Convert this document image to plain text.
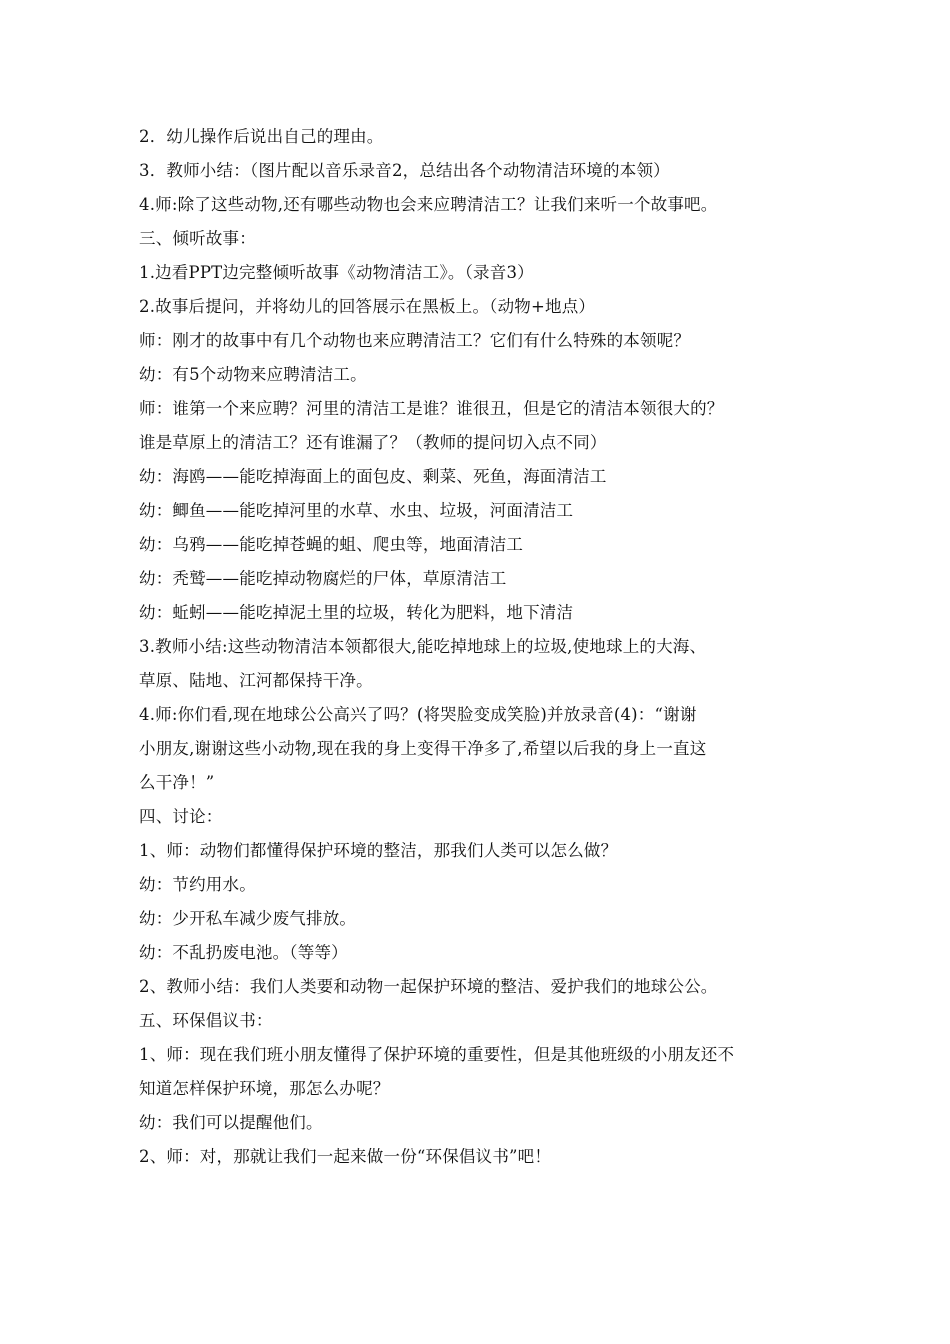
2．幼儿操作后说出自己的理由。
3．教师小结：（图片配以音乐录音2，总结出各个动物清洁环境的本领）
4.师:除了这些动物,还有哪些动物也会来应聘清洁工？让我们来听一个故事吧。
三、倾听故事：
1.边看PPT边完整倾听故事《动物清洁工》。（录音3）
2.故事后提问，并将幼儿的回答展示在黑板上。（动物+地点）
师：刚才的故事中有几个动物也来应聘清洁工？它们有什么特殊的本领呢？
幼：有5个动物来应聘清洁工。
师：谁第一个来应聘？河里的清洁工是谁？谁很丑，但是它的清洁本领很大的？
谁是草原上的清洁工？还有谁漏了？（教师的提问切入点不同）
幼：海鸥——能吃掉海面上的面包皮、剩菜、死鱼，海面清洁工
幼：鲫鱼——能吃掉河里的水草、水虫、垃圾，河面清洁工
幼：乌鸦——能吃掉苍蝇的蛆、爬虫等，地面清洁工
幼：秃鹫——能吃掉动物腐烂的尸体，草原清洁工
幼：蚯蚓——能吃掉泥土里的垃圾，转化为肥料，地下清洁
3.教师小结:这些动物清洁本领都很大,能吃掉地球上的垃圾,使地球上的大海、
草原、陆地、江河都保持干净。
4.师:你们看,现在地球公公高兴了吗？(将哭脸变成笑脸)并放录音(4)：“谢谢
小朋友,谢谢这些小动物,现在我的身上变得干净多了,希望以后我的身上一直这
么干净！”
四、讨论：
1、师：动物们都懂得保护环境的整洁，那我们人类可以怎么做？
幼：节约用水。
幼：少开私车减少废气排放。
幼：不乱扔废电池。（等等）
2、教师小结：我们人类要和动物一起保护环境的整洁、爱护我们的地球公公。
五、环保倡议书：
1、师：现在我们班小朋友懂得了保护环境的重要性，但是其他班级的小朋友还不
知道怎样保护环境，那怎么办呢？
幼：我们可以提醒他们。
2、师：对，那就让我们一起来做一份“环保倡议书”吧！
